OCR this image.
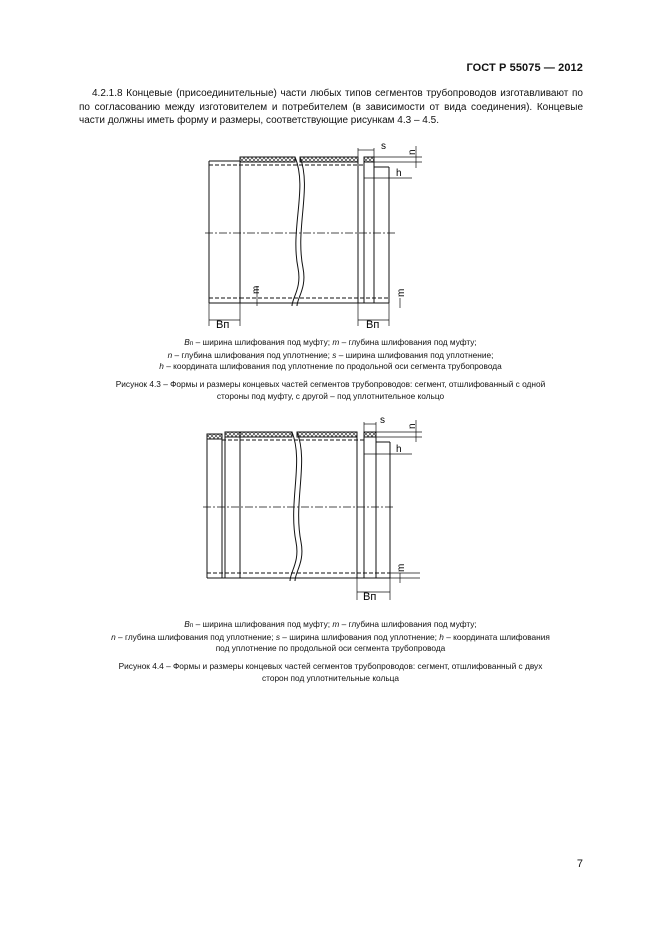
ГОСТ Р 55075 — 2012

4.2.1.8 Концевые (присоединительные) части любых типов сегментов трубопроводов изготавливают по по согласованию между изготовителем и потребителем (в зависимости от вида соединения). Концевые части должны иметь форму и размеры, соответствующие рисункам 4.3 – 4.5.

s
n
h
m	m
Bп	Bп
Bп – ширина шлифования под муфту; m – глубина шлифования под муфту;
n – глубина шлифования под уплотнение; s – ширина шлифования под уплотнение;
h – координата шлифования под уплотнение по продольной оси сегмента трубопровода
Рисунок 4.3 – Формы и размеры концевых частей сегментов трубопроводов: сегмент, отшлифованный с одной
стороны под муфту, с другой – под уплотнительное кольцо
s
n
h
m
Bп
Bп – ширина шлифования под муфту; m – глубина шлифования под муфту;
n – глубина шлифования под уплотнение; s – ширина шлифования под уплотнение; h – координата шлифования
под уплотнение по продольной оси сегмента трубопровода
Рисунок 4.4 – Формы и размеры концевых частей сегментов трубопроводов: сегмент, отшлифованный с двух
сторон под уплотнительные кольца
7
